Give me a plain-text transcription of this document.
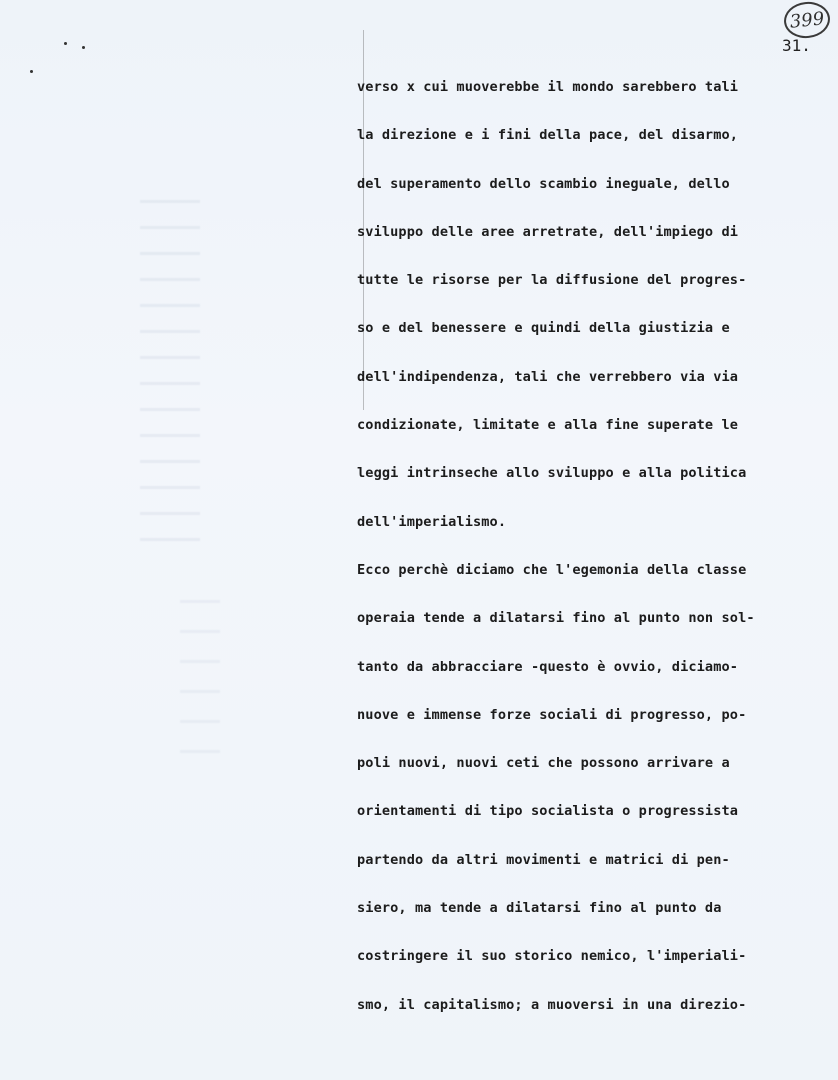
399
31.
verso x cui muoverebbe il mondo sarebbero tali
la direzione e i fini della pace, del disarmo,
del superamento dello scambio ineguale, dello
sviluppo delle aree arretrate, dell'impiego di
tutte le risorse per la diffusione del progres-
so e del benessere e quindi della giustizia e
dell'indipendenza, tali che verrebbero via via
condizionate, limitate e alla fine superate le
leggi intrinseche allo sviluppo e alla politica
dell'imperialismo.
Ecco perchè diciamo che l'egemonia della classe
operaia tende a dilatarsi fino al punto non sol-
tanto da abbracciare -questo è ovvio, diciamo-
nuove e immense forze sociali di progresso, po-
poli nuovi, nuovi ceti che possono arrivare a
orientamenti di tipo socialista o progressista
partendo da altri movimenti e matrici di pen-
siero, ma tende a dilatarsi fino al punto da
costringere il suo storico nemico, l'imperiali-
smo, il capitalismo; a muoversi in una direzio-
